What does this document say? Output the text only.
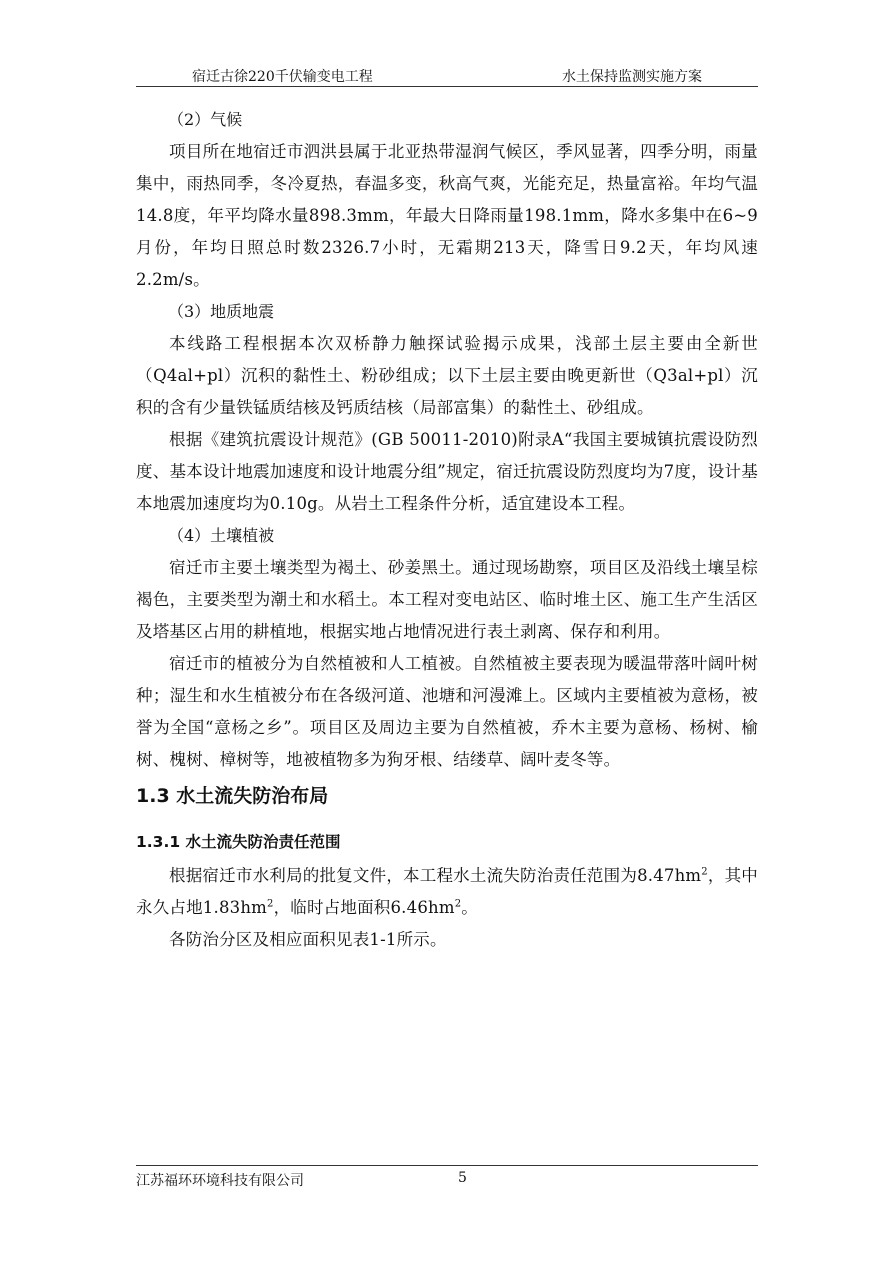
宿迁古徐220千伏输变电工程	水土保持监测实施方案

（2）气候

项目所在地宿迁市泗洪县属于北亚热带湿润气候区，季风显著，四季分明，雨量集中，雨热同季，冬冷夏热，春温多变，秋高气爽，光能充足，热量富裕。年均气温14.8度，年平均降水量898.3mm，年最大日降雨量198.1mm，降水多集中在6~9月份，年均日照总时数2326.7小时，无霜期213天，降雪日9.2天，年均风速2.2m/s。

（3）地质地震

本线路工程根据本次双桥静力触探试验揭示成果，浅部土层主要由全新世（Q4al+pl）沉积的黏性土、粉砂组成；以下土层主要由晚更新世（Q3al+pl）沉积的含有少量铁锰质结核及钙质结核（局部富集）的黏性土、砂组成。

根据《建筑抗震设计规范》(GB 50011-2010)附录A“我国主要城镇抗震设防烈度、基本设计地震加速度和设计地震分组”规定，宿迁抗震设防烈度均为7度，设计基本地震加速度均为0.10g。从岩土工程条件分析，适宜建设本工程。

（4）土壤植被

宿迁市主要土壤类型为褐土、砂姜黑土。通过现场勘察，项目区及沿线土壤呈棕褐色，主要类型为潮土和水稻土。本工程对变电站区、临时堆土区、施工生产生活区及塔基区占用的耕植地，根据实地占地情况进行表土剥离、保存和利用。

宿迁市的植被分为自然植被和人工植被。自然植被主要表现为暖温带落叶阔叶树种；湿生和水生植被分布在各级河道、池塘和河漫滩上。区域内主要植被为意杨，被誉为全国“意杨之乡”。项目区及周边主要为自然植被，乔木主要为意杨、杨树、榆树、槐树、樟树等，地被植物多为狗牙根、结缕草、阔叶麦冬等。

1.3 水土流失防治布局
1.3.1 水土流失防治责任范围

根据宿迁市水利局的批复文件，本工程水土流失防治责任范围为$8.47hm^2$，其中永久占地$1.83hm^2$，临时占地面积$6.46hm^2$。

各防治分区及相应面积见表1-1所示。

江苏福环环境科技有限公司	5
